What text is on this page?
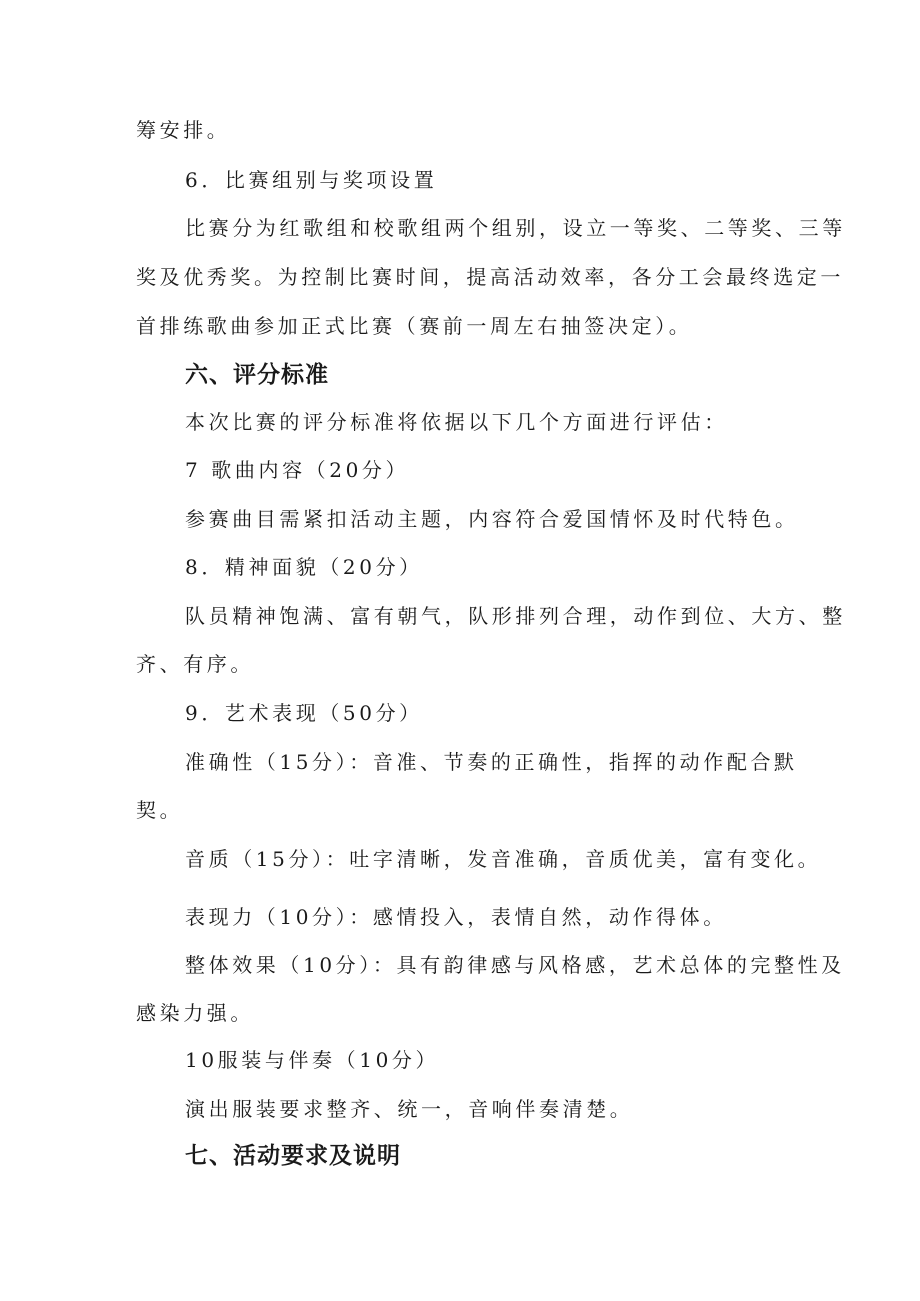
筹安排。
6．比赛组别与奖项设置
比赛分为红歌组和校歌组两个组别，设立一等奖、二等奖、三等
奖及优秀奖。为控制比赛时间，提高活动效率，各分工会最终选定一
首排练歌曲参加正式比赛（赛前一周左右抽签决定）。
六、评分标准
本次比赛的评分标准将依据以下几个方面进行评估：
7 歌曲内容（20分）
参赛曲目需紧扣活动主题，内容符合爱国情怀及时代特色。
8．精神面貌（20分）
队员精神饱满、富有朝气，队形排列合理，动作到位、大方、整
齐、有序。
9．艺术表现（50分）
准确性（15分）：音准、节奏的正确性，指挥的动作配合默
契。
音质（15分）：吐字清晰，发音准确，音质优美，富有变化。
表现力（10分）：感情投入，表情自然，动作得体。
整体效果（10分）：具有韵律感与风格感，艺术总体的完整性及
感染力强。
10服装与伴奏（10分）
演出服装要求整齐、统一，音响伴奏清楚。
七、活动要求及说明
